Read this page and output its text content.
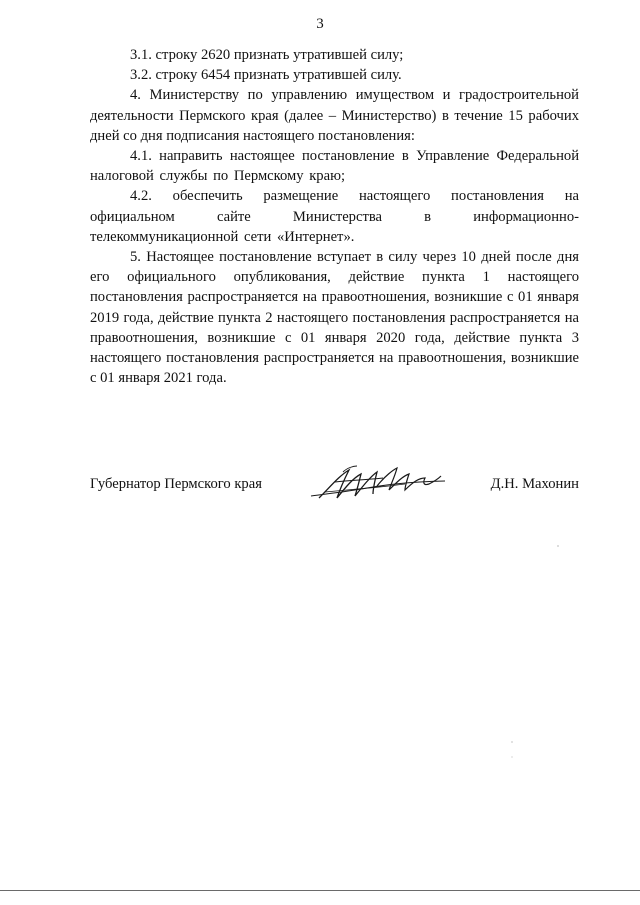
3

3.1. строку 2620 признать утратившей силу;

3.2. строку 6454 признать утратившей силу.

4. Министерству по управлению имуществом и градостроительной деятельности Пермского края (далее – Министерство) в течение 15 рабочих дней со дня подписания настоящего постановления:

4.1. направить настоящее постановление в Управление Федеральной налоговой службы по Пермскому краю;

4.2. обеспечить размещение настоящего постановления на официальном сайте Министерства в информационно-телекоммуникационной сети «Интернет».

5. Настоящее постановление вступает в силу через 10 дней после дня его официального опубликования, действие пункта 1 настоящего постановления распространяется на правоотношения, возникшие с 01 января 2019 года, действие пункта 2 настоящего постановления распространяется на правоотношения, возникшие с 01 января 2020 года, действие пункта 3 настоящего постановления распространяется на правоотношения, возникшие с 01 января 2021 года.

Губернатор Пермского края	Д.Н. Махонин
